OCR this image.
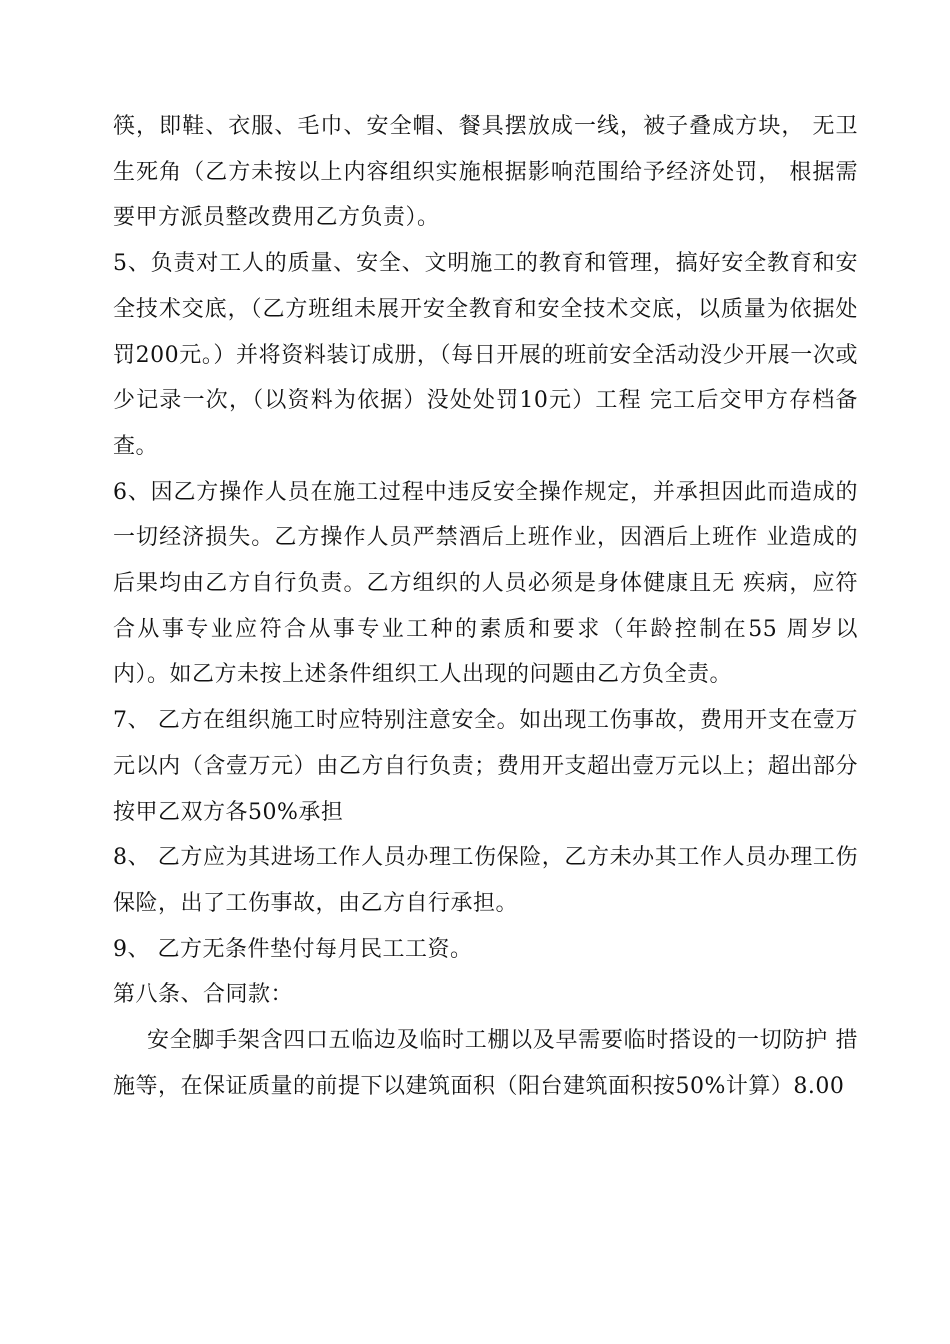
筷，即鞋、衣服、毛巾、安全帽、餐具摆放成一线，被子叠成方块， 无卫生死角（乙方未按以上内容组织实施根据影响范围给予经济处罚， 根据需要甲方派员整改费用乙方负责）。

5、负责对工人的质量、安全、文明施工的教育和管理，搞好安全教育和安全技术交底，（乙方班组未展开安全教育和安全技术交底，以质量为依据处罚200元。）并将资料装订成册，（每日开展的班前安全活动没少开展一次或少记录一次，（以资料为依据）没处处罚10元）工程 完工后交甲方存档备查。

6、因乙方操作人员在施工过程中违反安全操作规定，并承担因此而造成的一切经济损失。乙方操作人员严禁酒后上班作业，因酒后上班作 业造成的后果均由乙方自行负责。乙方组织的人员必须是身体健康且无 疾病，应符合从事专业应符合从事专业工种的素质和要求（年龄控制在55 周岁以内）。如乙方未按上述条件组织工人出现的问题由乙方负全责。

7、 乙方在组织施工时应特别注意安全。如出现工伤事故，费用开支在壹万元以内（含壹万元）由乙方自行负责；费用开支超出壹万元以上；超出部分按甲乙双方各50%承担

8、 乙方应为其进场工作人员办理工伤保险，乙方未办其工作人员办理工伤保险，出了工伤事故，由乙方自行承担。

9、 乙方无条件垫付每月民工工资。

第八条、合同款：

安全脚手架含四口五临边及临时工棚以及早需要临时搭设的一切防护 措施等，在保证质量的前提下以建筑面积（阳台建筑面积按50%计算）8.00
